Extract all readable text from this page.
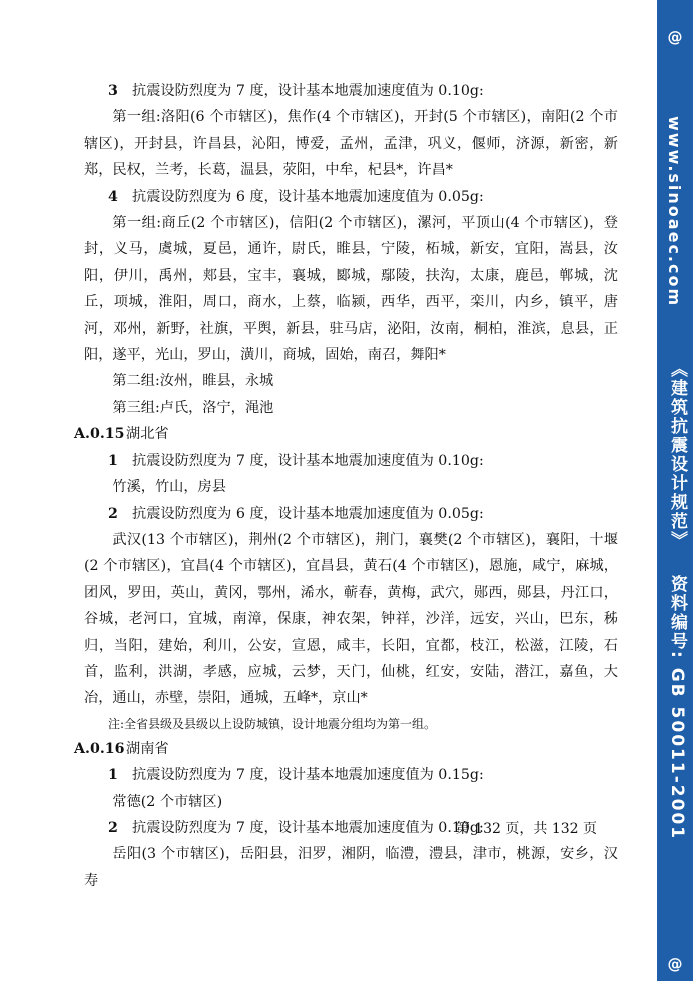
@
www.sinoaec.com
《建筑抗震设计规范》
资料编号: GB 50011-2001
@

3 抗震设防烈度为 7 度，设计基本地震加速度值为 0.10g:

第一组:洛阳(6 个市辖区)，焦作(4 个市辖区)，开封(5 个市辖区)，南阳(2 个市辖区)，开封县，许昌县，沁阳，博爱，孟州，孟津，巩义，偃师，济源，新密，新郑，民权，兰考，长葛，温县，荥阳，中牟，杞县*，许昌*

4 抗震设防烈度为 6 度，设计基本地震加速度值为 0.05g:

第一组:商丘(2 个市辖区)，信阳(2 个市辖区)，漯河，平顶山(4 个市辖区)，登封，义马，虞城，夏邑，通许，尉氏，睢县，宁陵，柘城，新安，宜阳，嵩县，汝阳，伊川，禹州，郏县，宝丰，襄城，郾城，鄢陵，扶沟，太康，鹿邑，郸城，沈丘，项城，淮阳，周口，商水，上蔡，临颍，西华，西平，栾川，内乡，镇平，唐河，邓州，新野，社旗，平舆，新县，驻马店，泌阳，汝南，桐柏，淮滨，息县，正阳，遂平，光山，罗山，潢川，商城，固始，南召，舞阳*

第二组:汝州，睢县，永城

第三组:卢氏，洛宁，渑池

A.0.15湖北省

1 抗震设防烈度为 7 度，设计基本地震加速度值为 0.10g:

竹溪，竹山，房县

2 抗震设防烈度为 6 度，设计基本地震加速度值为 0.05g:

武汉(13 个市辖区)，荆州(2 个市辖区)，荆门，襄樊(2 个市辖区)，襄阳，十堰(2 个市辖区)，宜昌(4 个市辖区)，宜昌县，黄石(4 个市辖区)，恩施，咸宁，麻城，团风，罗田，英山，黄冈，鄂州，浠水，蕲春，黄梅，武穴，郧西，郧县，丹江口，谷城，老河口，宜城，南漳，保康，神农架，钟祥，沙洋，远安，兴山，巴东，秭归，当阳，建始，利川，公安，宣恩，咸丰，长阳，宜都，枝江，松滋，江陵，石首，监利，洪湖，孝感，应城，云梦，天门，仙桃，红安，安陆，潜江，嘉鱼，大冶，通山，赤壁，崇阳，通城，五峰*，京山*

注:全省县级及县级以上设防城镇，设计地震分组均为第一组。

A.0.16湖南省

1 抗震设防烈度为 7 度，设计基本地震加速度值为 0.15g:

常德(2 个市辖区)

2 抗震设防烈度为 7 度，设计基本地震加速度值为 0.10g:

岳阳(3 个市辖区)，岳阳县，汨罗，湘阴，临澧，澧县，津市，桃源，安乡，汉寿

第 132 页，共 132 页
